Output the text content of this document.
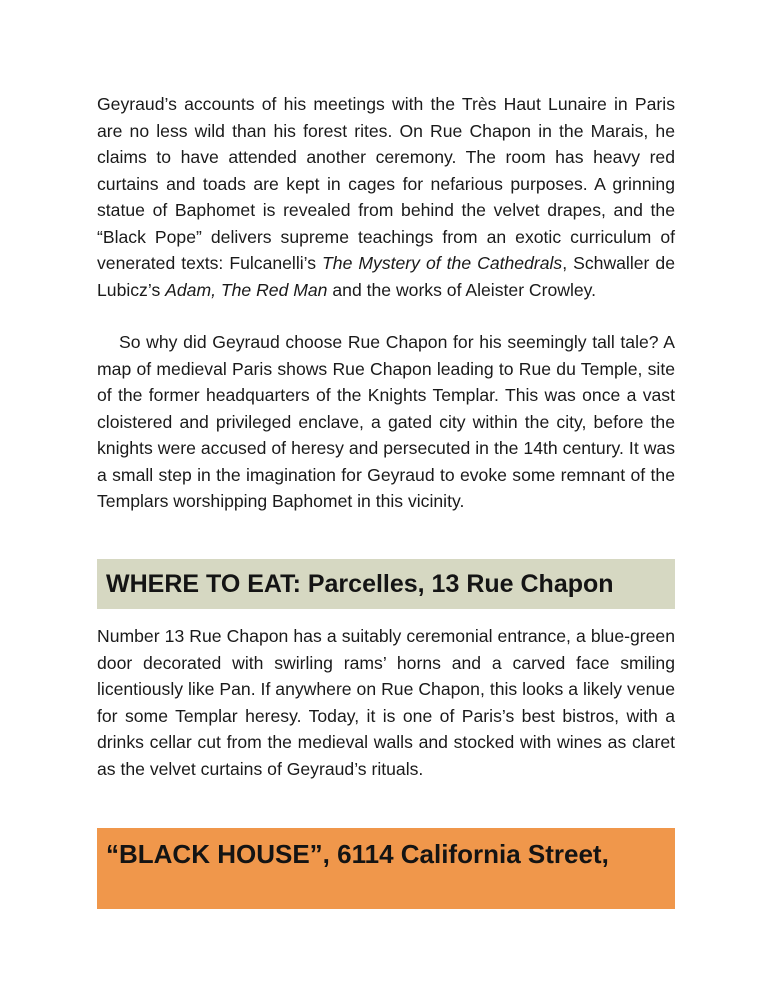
Geyraud’s accounts of his meetings with the Très Haut Lunaire in Paris are no less wild than his forest rites. On Rue Chapon in the Marais, he claims to have attended another ceremony. The room has heavy red curtains and toads are kept in cages for nefarious purposes. A grinning statue of Baphomet is revealed from behind the velvet drapes, and the “Black Pope” delivers supreme teachings from an exotic curriculum of venerated texts: Fulcanelli’s The Mystery of the Cathedrals, Schwaller de Lubicz’s Adam, The Red Man and the works of Aleister Crowley.

So why did Geyraud choose Rue Chapon for his seemingly tall tale? A map of medieval Paris shows Rue Chapon leading to Rue du Temple, site of the former headquarters of the Knights Templar. This was once a vast cloistered and privileged enclave, a gated city within the city, before the knights were accused of heresy and persecuted in the 14th century. It was a small step in the imagination for Geyraud to evoke some remnant of the Templars worshipping Baphomet in this vicinity.

WHERE TO EAT: Parcelles, 13 Rue Chapon

Number 13 Rue Chapon has a suitably ceremonial entrance, a blue-green door decorated with swirling rams’ horns and a carved face smiling licentiously like Pan. If anywhere on Rue Chapon, this looks a likely venue for some Templar heresy. Today, it is one of Paris’s best bistros, with a drinks cellar cut from the medieval walls and stocked with wines as claret as the velvet curtains of Geyraud’s rituals.

“BLACK HOUSE”, 6114 California Street,
